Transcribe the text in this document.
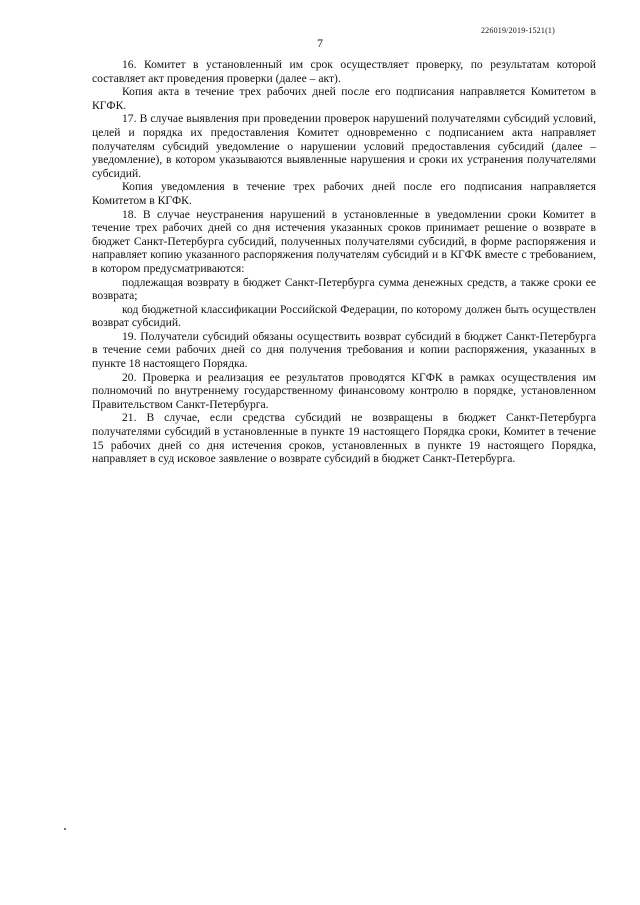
226019/2019-1521(1)
7

16. Комитет в установленный им срок осуществляет проверку, по результатам которой составляет акт проведения проверки (далее – акт).

Копия акта в течение трех рабочих дней после его подписания направляется Комитетом в КГФК.

17. В случае выявления при проведении проверок нарушений получателями субсидий условий, целей и порядка их предоставления Комитет одновременно с подписанием акта направляет получателям субсидий уведомление о нарушении условий предоставления субсидий (далее – уведомление), в котором указываются выявленные нарушения и сроки их устранения получателями субсидий.

Копия уведомления в течение трех рабочих дней после его подписания направляется Комитетом в КГФК.

18. В случае неустранения нарушений в установленные в уведомлении сроки Комитет в течение трех рабочих дней со дня истечения указанных сроков принимает решение о возврате в бюджет Санкт-Петербурга субсидий, полученных получателями субсидий, в форме распоряжения и направляет копию указанного распоряжения получателям субсидий и в КГФК вместе с требованием, в котором предусматриваются:

подлежащая возврату в бюджет Санкт-Петербурга сумма денежных средств, а также сроки ее возврата;

код бюджетной классификации Российской Федерации, по которому должен быть осуществлен возврат субсидий.

19. Получатели субсидий обязаны осуществить возврат субсидий в бюджет Санкт-Петербурга в течение семи рабочих дней со дня получения требования и копии распоряжения, указанных в пункте 18 настоящего Порядка.

20. Проверка и реализация ее результатов проводятся КГФК в рамках осуществления им полномочий по внутреннему государственному финансовому контролю в порядке, установленном Правительством Санкт-Петербурга.

21. В случае, если средства субсидий не возвращены в бюджет Санкт-Петербурга получателями субсидий в установленные в пункте 19 настоящего Порядка сроки, Комитет в течение 15 рабочих дней со дня истечения сроков, установленных в пункте 19 настоящего Порядка, направляет в суд исковое заявление о возврате субсидий в бюджет Санкт-Петербурга.
